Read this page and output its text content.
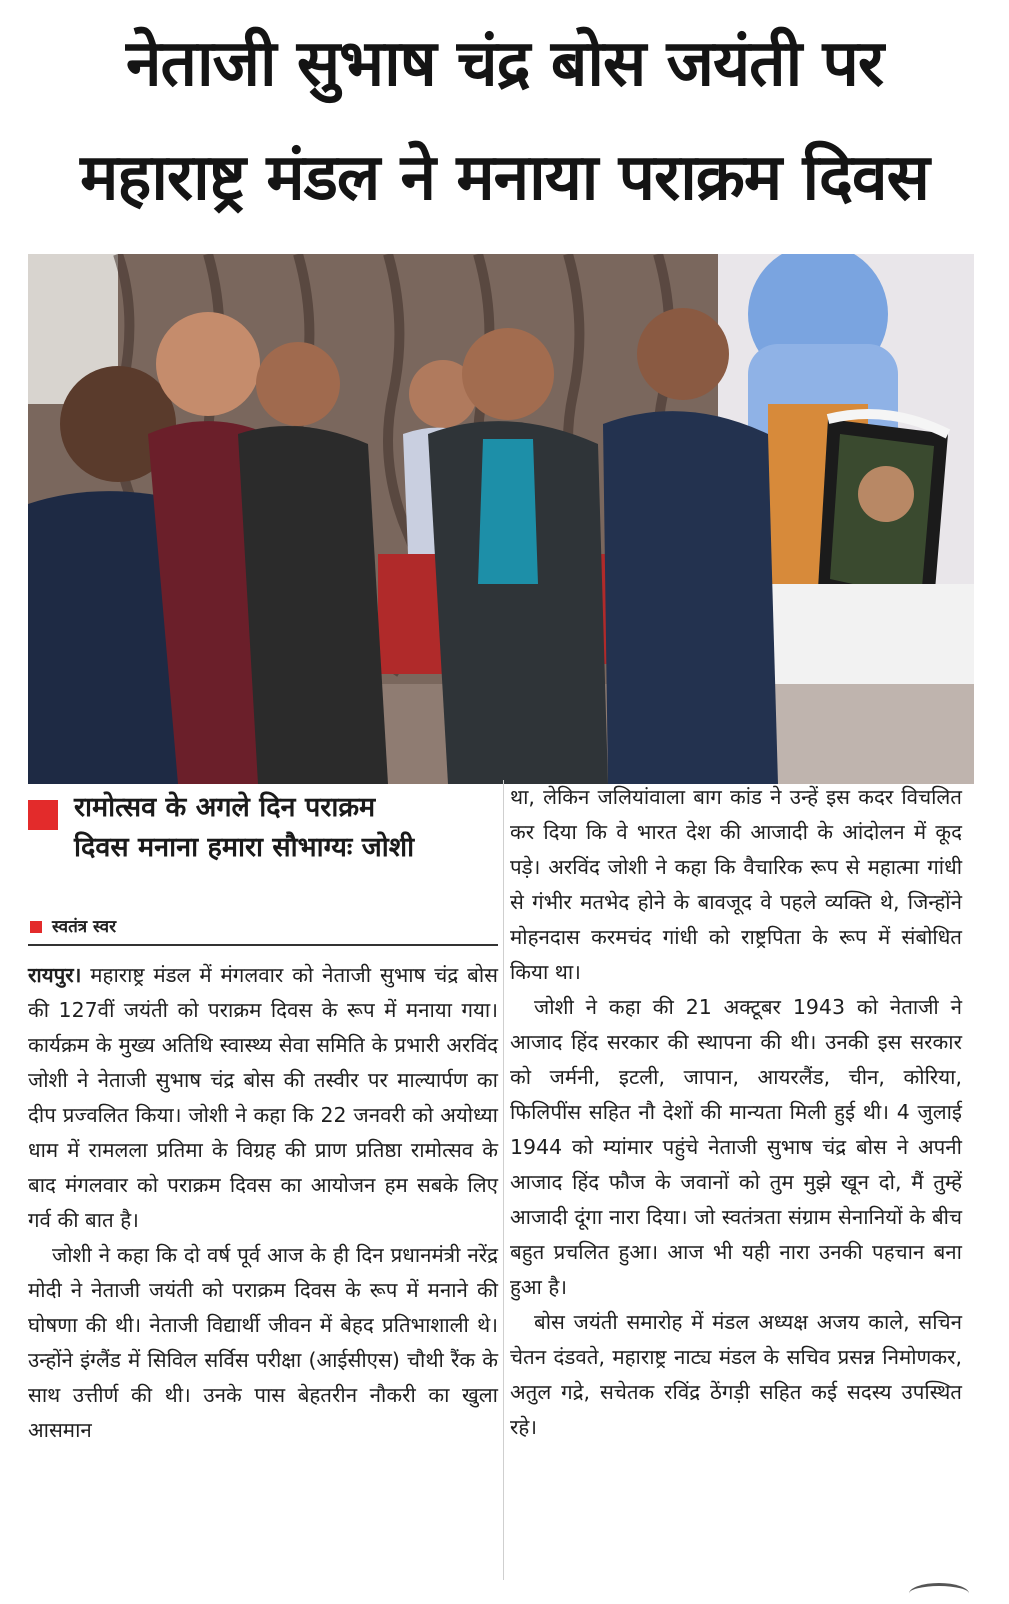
नेताजी सुभाष चंद्र बोस जयंती पर
महाराष्ट्र मंडल ने मनाया पराक्रम दिवस
रामोत्सव के अगले दिन पराक्रम
दिवस मनाना हमारा सौभाग्यः जोशी
स्वतंत्र स्वर

रायपुर। महाराष्ट्र मंडल में मंगलवार को नेताजी सुभाष चंद्र बोस की 127वीं जयंती को पराक्रम दिवस के रूप में मनाया गया। कार्यक्रम के मुख्य अतिथि स्वास्थ्य सेवा समिति के प्रभारी अरविंद जोशी ने नेताजी सुभाष चंद्र बोस की तस्वीर पर माल्यार्पण का दीप प्रज्वलित किया। जोशी ने कहा कि 22 जनवरी को अयोध्या धाम में रामलला प्रतिमा के विग्रह की प्राण प्रतिष्ठा रामोत्सव के बाद मंगलवार को पराक्रम दिवस का आयोजन हम सबके लिए गर्व की बात है।

जोशी ने कहा कि दो वर्ष पूर्व आज के ही दिन प्रधानमंत्री नरेंद्र मोदी ने नेताजी जयंती को पराक्रम दिवस के रूप में मनाने की घोषणा की थी। नेताजी विद्यार्थी जीवन में बेहद प्रतिभाशाली थे। उन्होंने इंग्लैंड में सिविल सर्विस परीक्षा (आईसीएस) चौथी रैंक के साथ उत्तीर्ण की थी। उनके पास बेहतरीन नौकरी का खुला आसमान

था, लेकिन जलियांवाला बाग कांड ने उन्हें इस कदर विचलित कर दिया कि वे भारत देश की आजादी के आंदोलन में कूद पड़े। अरविंद जोशी ने कहा कि वैचारिक रूप से महात्मा गांधी से गंभीर मतभेद होने के बावजूद वे पहले व्यक्ति थे, जिन्होंने मोहनदास करमचंद गांधी को राष्ट्रपिता के रूप में संबोधित किया था।

जोशी ने कहा की 21 अक्टूबर 1943 को नेताजी ने आजाद हिंद सरकार की स्थापना की थी। उनकी इस सरकार को जर्मनी, इटली, जापान, आयरलैंड, चीन, कोरिया, फिलिपींस सहित नौ देशों की मान्यता मिली हुई थी। 4 जुलाई 1944 को म्यांमार पहुंचे नेताजी सुभाष चंद्र बोस ने अपनी आजाद हिंद फौज के जवानों को तुम मुझे खून दो, मैं तुम्हें आजादी दूंगा नारा दिया। जो स्वतंत्रता संग्राम सेनानियों के बीच बहुत प्रचलित हुआ। आज भी यही नारा उनकी पहचान बना हुआ है।

बोस जयंती समारोह में मंडल अध्यक्ष अजय काले, सचिन चेतन दंडवते, महाराष्ट्र नाट्य मंडल के सचिव प्रसन्न निमोणकर, अतुल गद्रे, सचेतक रविंद्र ठेंगड़ी सहित कई सदस्य उपस्थित रहे।
